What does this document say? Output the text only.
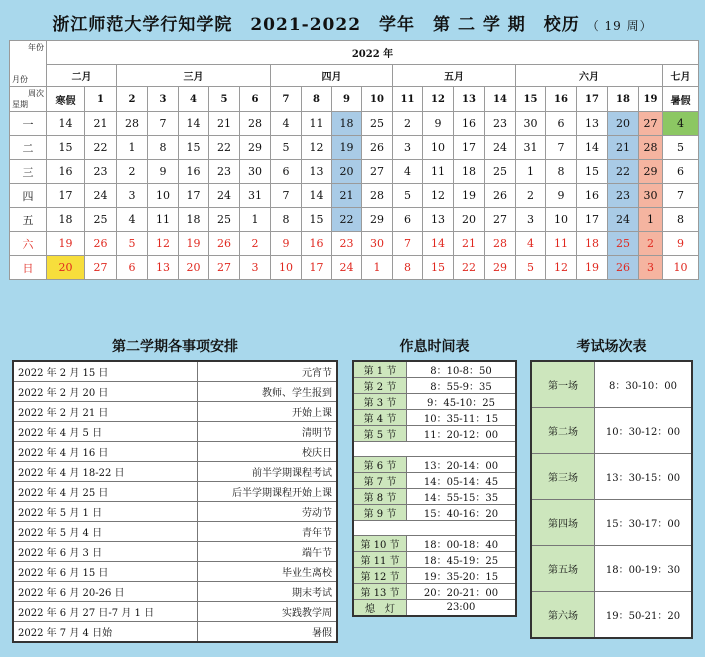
浙江师范大学行知学院　2021-2022　学年　第 二 学 期　校历 （ 19 周）
年份
月份	2022 年																				
	二月		三月					四月				五月				六月					七月

周次
星期	寒假	1	2	3	4	5	6	7	8	9	10	11	12	13	14	15	16	17	18	19	暑假
一	14	21	28	7	14	21	28	4	11	18	25	2	9	16	23	30	6	13	20	27	4
二	15	22	1	8	15	22	29	5	12	19	26	3	10	17	24	31	7	14	21	28	5
三	16	23	2	9	16	23	30	6	13	20	27	4	11	18	25	1	8	15	22	29	6
四	17	24	3	10	17	24	31	7	14	21	28	5	12	19	26	2	9	16	23	30	7
五	18	25	4	11	18	25	1	8	15	22	29	6	13	20	27	3	10	17	24	1	8
六	19	26	5	12	19	26	2	9	16	23	30	7	14	21	28	4	11	18	25	2	9
日	20	27	6	13	20	27	3	10	17	24	1	8	15	22	29	5	12	19	26	3	10
第二学期各事项安排
2022 年 2 月 15 日	元宵节
2022 年 2 月 20 日	教师、学生报到
2022 年 2 月 21 日	开始上课
2022 年 4 月 5 日	清明节
2022 年 4 月 16 日	校庆日
2022 年 4 月 18-22 日	前半学期课程考试
2022 年 4 月 25 日	后半学期课程开始上课
2022 年 5 月 1 日	劳动节
2022 年 5 月 4 日	青年节
2022 年 6 月 3 日	端午节
2022 年 6 月 15 日	毕业生离校
2022 年 6 月 20-26 日	期末考试
2022 年 6 月 27 日-7 月 1 日	实践教学周
2022 年 7 月 4 日始	暑假
作息时间表
第 1 节	8：10-8：50
第 2 节	8：55-9：35
第 3 节	9：45-10：25
第 4 节	10：35-11：15
第 5 节	11：20-12：00

第 6 节	13：20-14：00
第 7 节	14：05-14：45
第 8 节	14：55-15：35
第 9 节	15：40-16：20

第 10 节	18：00-18：40
第 11 节	18：45-19：25
第 12 节	19：35-20：15
第 13 节	20：20-21：00
熄　灯	23:00
考试场次表
第一场	8：30-10：00
第二场	10：30-12：00
第三场	13：30-15：00
第四场	15：30-17：00
第五场	18：00-19：30
第六场	19：50-21：20
